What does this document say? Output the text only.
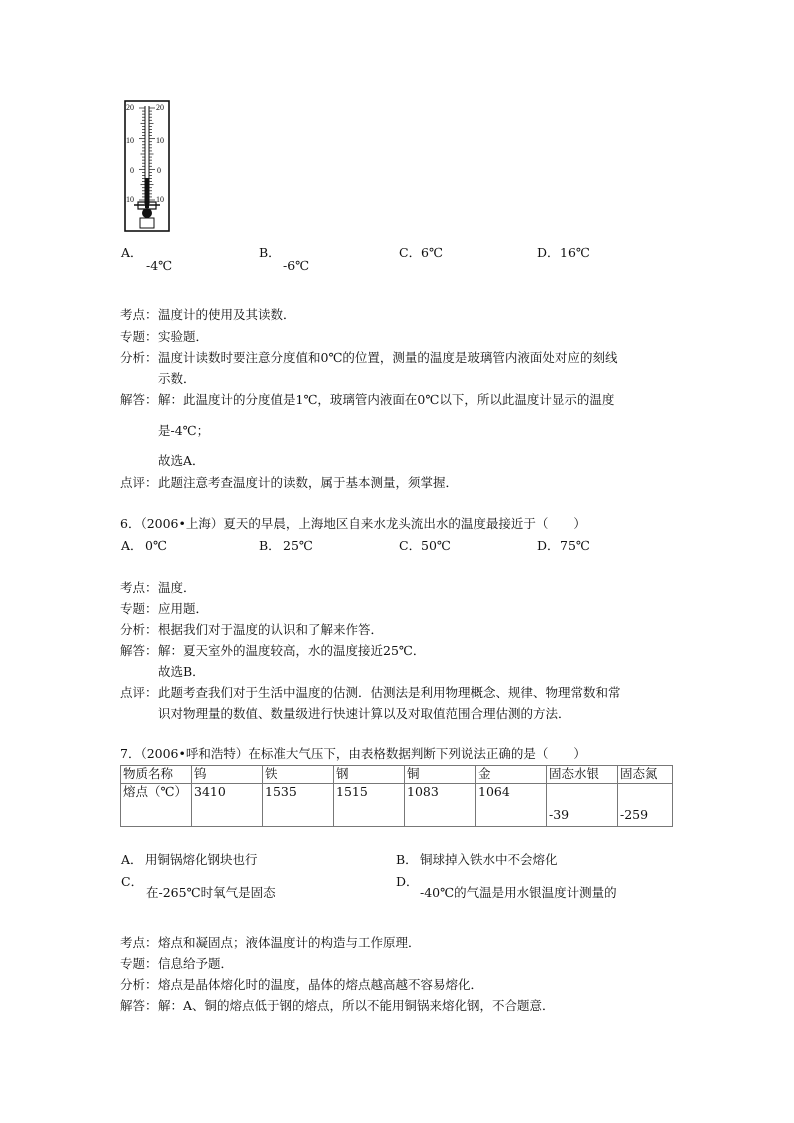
20	20
10	10
0	0
10	10
A．
-4℃
B．
-6℃
C． 6℃	D． 16℃
考点： 温度计的使用及其读数．
专题： 实验题．
分析： 温度计读数时要注意分度值和0℃的位置，测量的温度是玻璃管内液面处对应的刻线
示数．
解答： 解：此温度计的分度值是1℃，玻璃管内液面在0℃以下，所以此温度计显示的温度
是-4℃；
故选A．
点评： 此题注意考查温度计的读数，属于基本测量，须掌握．
6．（2006•上海）夏天的早晨，上海地区自来水龙头流出水的温度最接近于（　　）
A． 0℃	B． 25℃	C． 50℃	D． 75℃
考点： 温度．
专题： 应用题．
分析： 根据我们对于温度的认识和了解来作答．
解答： 解：夏天室外的温度较高，水的温度接近25℃．
故选B．
点评： 此题考查我们对于生活中温度的估测．估测法是利用物理概念、规律、物理常数和常
识对物理量的数值、数量级进行快速计算以及对取值范围合理估测的方法．
7．（2006•呼和浩特）在标准大气压下，由表格数据判断下列说法正确的是（　　）
物质名称	钨	铁	钢	铜	金	固态水银	固态氮
熔点（℃）	3410	1535	1515	1083	1064	-39	-259
A． 用铜锅熔化钢块也行	B． 铜球掉入铁水中不会熔化
C．
在-265℃时氧气是固态
D．
-40℃的气温是用水银温度计测量的
考点： 熔点和凝固点；液体温度计的构造与工作原理．
专题： 信息给予题．
分析： 熔点是晶体熔化时的温度，晶体的熔点越高越不容易熔化．
解答： 解：A、铜的熔点低于钢的熔点，所以不能用铜锅来熔化钢，不合题意．
